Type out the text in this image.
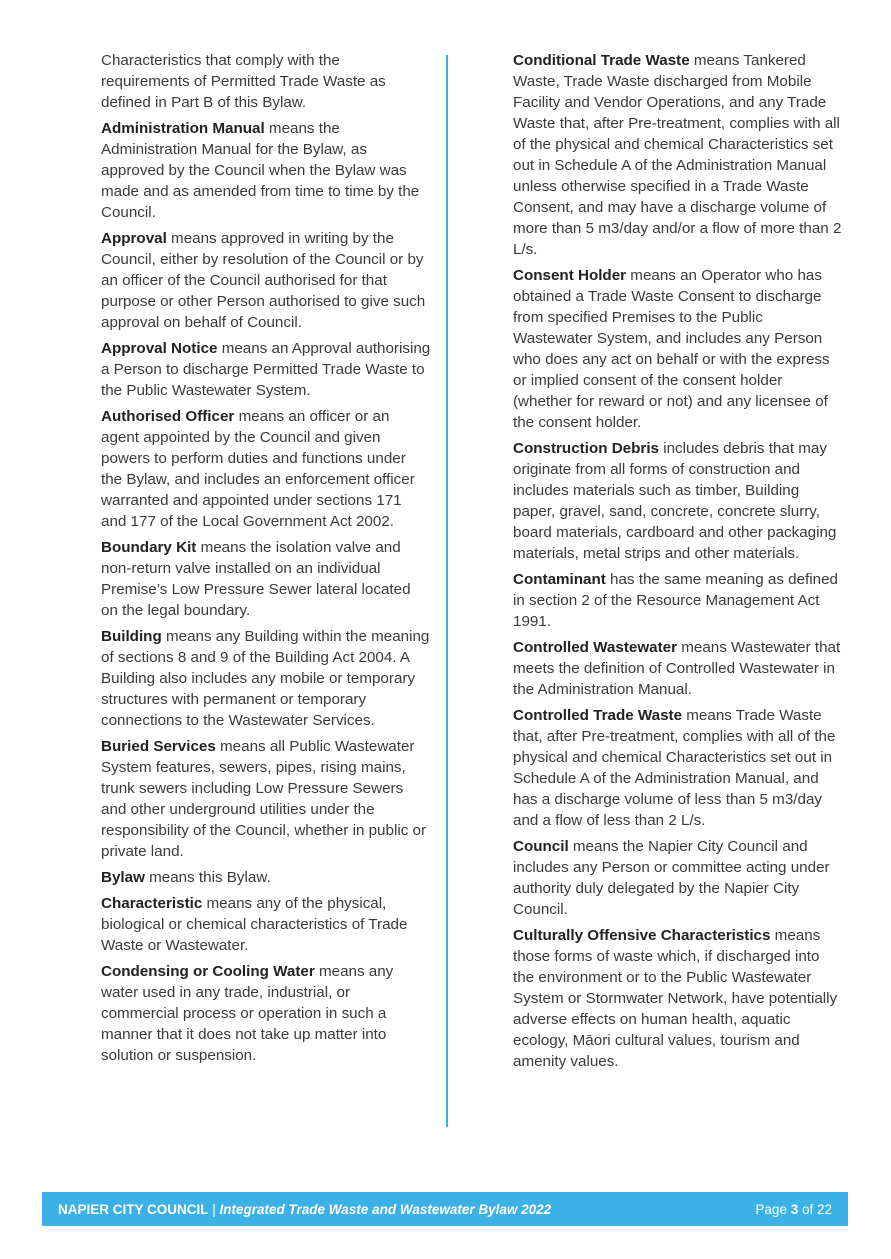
Characteristics that comply with the requirements of Permitted Trade Waste as defined in Part B of this Bylaw.

Administration Manual means the Administration Manual for the Bylaw, as approved by the Council when the Bylaw was made and as amended from time to time by the Council.

Approval means approved in writing by the Council, either by resolution of the Council or by an officer of the Council authorised for that purpose or other Person authorised to give such approval on behalf of Council.

Approval Notice means an Approval authorising a Person to discharge Permitted Trade Waste to the Public Wastewater System.

Authorised Officer means an officer or an agent appointed by the Council and given powers to perform duties and functions under the Bylaw, and includes an enforcement officer warranted and appointed under sections 171 and 177 of the Local Government Act 2002.

Boundary Kit means the isolation valve and non-return valve installed on an individual Premise’s Low Pressure Sewer lateral located on the legal boundary.

Building means any Building within the meaning of sections 8 and 9 of the Building Act 2004. A Building also includes any mobile or temporary structures with permanent or temporary connections to the Wastewater Services.

Buried Services means all Public Wastewater System features, sewers, pipes, rising mains, trunk sewers including Low Pressure Sewers and other underground utilities under the responsibility of the Council, whether in public or private land.

Bylaw means this Bylaw.

Characteristic means any of the physical, biological or chemical characteristics of Trade Waste or Wastewater.

Condensing or Cooling Water means any water used in any trade, industrial, or commercial process or operation in such a manner that it does not take up matter into solution or suspension.

Conditional Trade Waste means Tankered Waste, Trade Waste discharged from Mobile Facility and Vendor Operations, and any Trade Waste that, after Pre-treatment, complies with all of the physical and chemical Characteristics set out in Schedule A of the Administration Manual unless otherwise specified in a Trade Waste Consent, and may have a discharge volume of more than 5 m3/day and/or a flow of more than 2 L/s.

Consent Holder means an Operator who has obtained a Trade Waste Consent to discharge from specified Premises to the Public Wastewater System, and includes any Person who does any act on behalf or with the express or implied consent of the consent holder (whether for reward or not) and any licensee of the consent holder.

Construction Debris includes debris that may originate from all forms of construction and includes materials such as timber, Building paper, gravel, sand, concrete, concrete slurry, board materials, cardboard and other packaging materials, metal strips and other materials.

Contaminant has the same meaning as defined in section 2 of the Resource Management Act 1991.

Controlled Wastewater means Wastewater that meets the definition of Controlled Wastewater in the Administration Manual.

Controlled Trade Waste means Trade Waste that, after Pre-treatment, complies with all of the physical and chemical Characteristics set out in Schedule A of the Administration Manual, and has a discharge volume of less than 5 m3/day and a flow of less than 2 L/s.

Council means the Napier City Council and includes any Person or committee acting under authority duly delegated by the Napier City Council.

Culturally Offensive Characteristics means those forms of waste which, if discharged into the environment or to the Public Wastewater System or Stormwater Network, have potentially adverse effects on human health, aquatic ecology, Māori cultural values, tourism and amenity values.

NAPIER CITY COUNCIL | Integrated Trade Waste and Wastewater Bylaw 2022	Page 3 of 22
